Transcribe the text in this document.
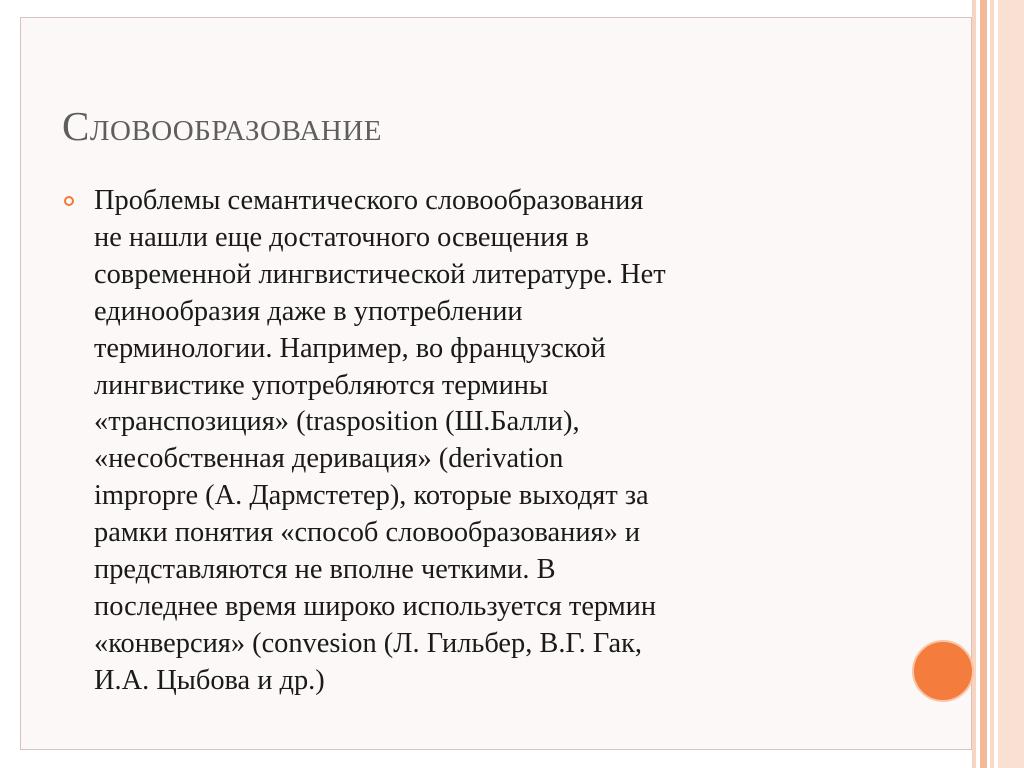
Словообразование

Проблемы семантического словообразования
не нашли еще достаточного освещения в
современной лингвистической литературе. Нет
единообразия даже в употреблении
терминологии. Например, во французской
лингвистике употребляются термины
«транспозиция» (trasposition (Ш.Балли),
«несобственная деривация» (derivation
impropre (А. Дармстетер), которые выходят за
рамки понятия «способ словообразования» и
представляются не вполне четкими. В
последнее время широко используется термин
«конверсия» (convesion (Л. Гильбер, В.Г. Гак,
И.А. Цыбова и др.)
